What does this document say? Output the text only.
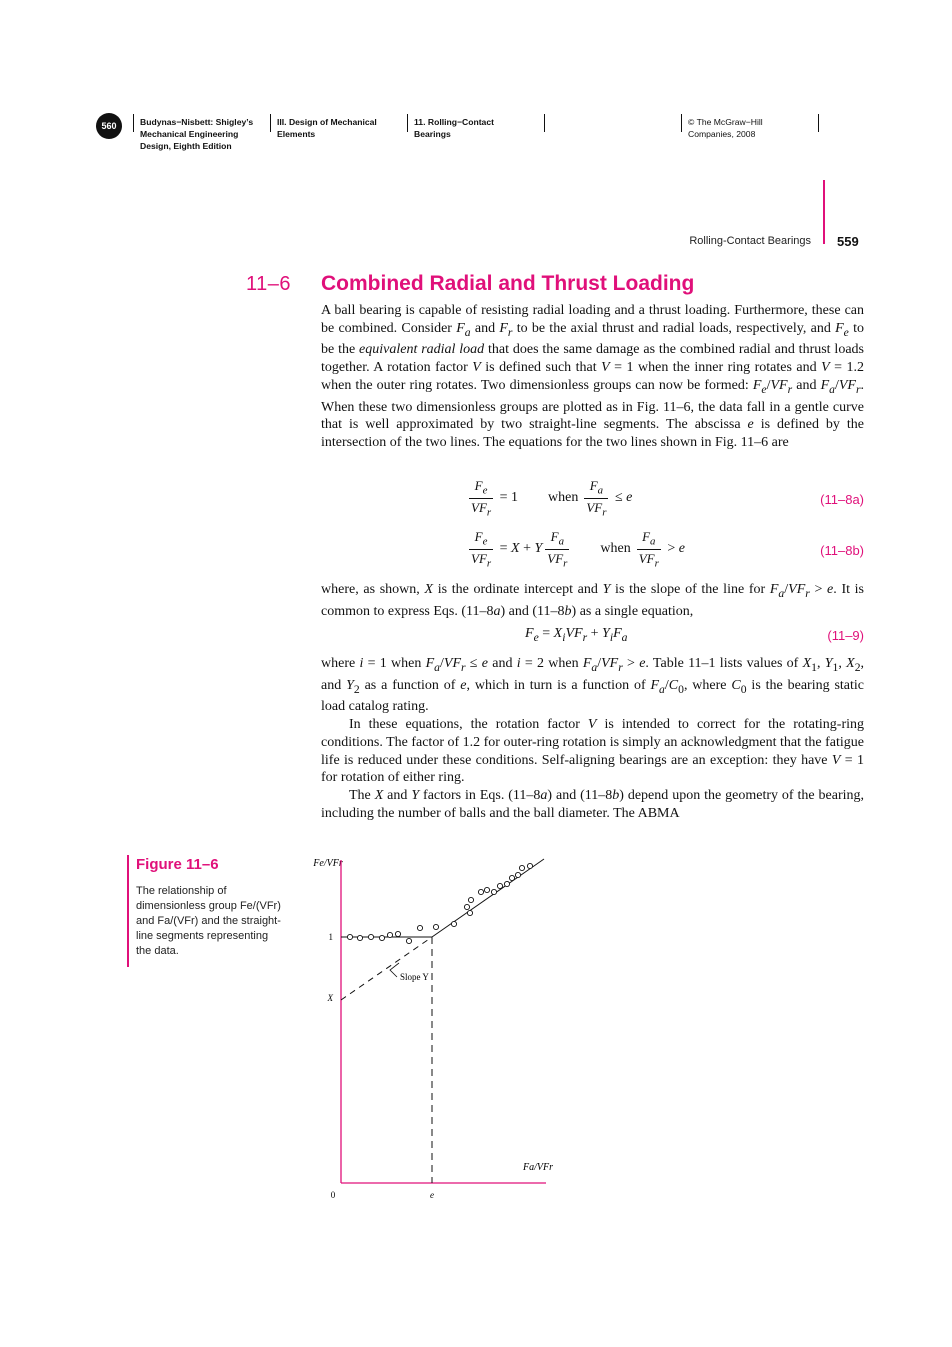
560	Budynas−Nisbett: Shigley’s
Mechanical Engineering
Design, Eighth Edition
III. Design of Mechanical
Elements
11. Rolling−Contact
Bearings
© The McGraw−Hill
Companies, 2008
Rolling-Contact Bearings 559
11–6 Combined Radial and Thrust Loading

A ball bearing is capable of resisting radial loading and a thrust loading. Furthermore, these can be combined. Consider $F_a$ and $F_r$ to be the axial thrust and radial loads, respectively, and $F_e$ to be the equivalent radial load that does the same damage as the combined radial and thrust loads together. A rotation factor V is defined such that V = 1 when the inner ring rotates and V = 1.2 when the outer ring rotates. Two dimensionless groups can now be formed: $F_e/VF_r$ and $F_a/VF_r$. When these two dimensionless groups are plotted as in Fig. 11–6, the data fall in a gentle curve that is well approximated by two straight-line segments. The abscissa e is defined by the intersection of the two lines. The equations for the two lines shown in Fig. 11–6 are

$\frac{F_e}{VF_r} = 1$ when $\frac{F_a}{VF_r} \le e$	(11–8a)
$\frac{F_e}{VF_r} = X + Y \frac{F_a}{VF_r}$ when $\frac{F_a}{VF_r} > e$	(11–8b)

where, as shown, X is the ordinate intercept and Y is the slope of the line for $F_a/VF_r > e$. It is common to express Eqs. (11–8a) and (11–8b) as a single equation,

$F_e = X_iVF_r + Y_iF_a$	(11–9)

where i = 1 when $F_a/VF_r \le e$ and i = 2 when $F_a/VF_r > e$. Table 11–1 lists values of $X_1$, $Y_1$, $X_2$, and $Y_2$ as a function of e, which in turn is a function of $F_a/C_0$, where $C_0$ is the bearing static load catalog rating.

In these equations, the rotation factor V is intended to correct for the rotating-ring conditions. The factor of 1.2 for outer-ring rotation is simply an acknowledgment that the fatigue life is reduced under these conditions. Self-aligning bearings are an exception: they have V = 1 for rotation of either ring.

The X and Y factors in Eqs. (11–8a) and (11–8b) depend upon the geometry of the bearing, including the number of balls and the ball diameter. The ABMA

Figure 11–6
The relationship of dimensionless group Fe/(VFr) and Fa/(VFr) and the straight-line segments representing the data.
Fe/VFr
1
X
0	e
Fa/VFr
Slope Y
